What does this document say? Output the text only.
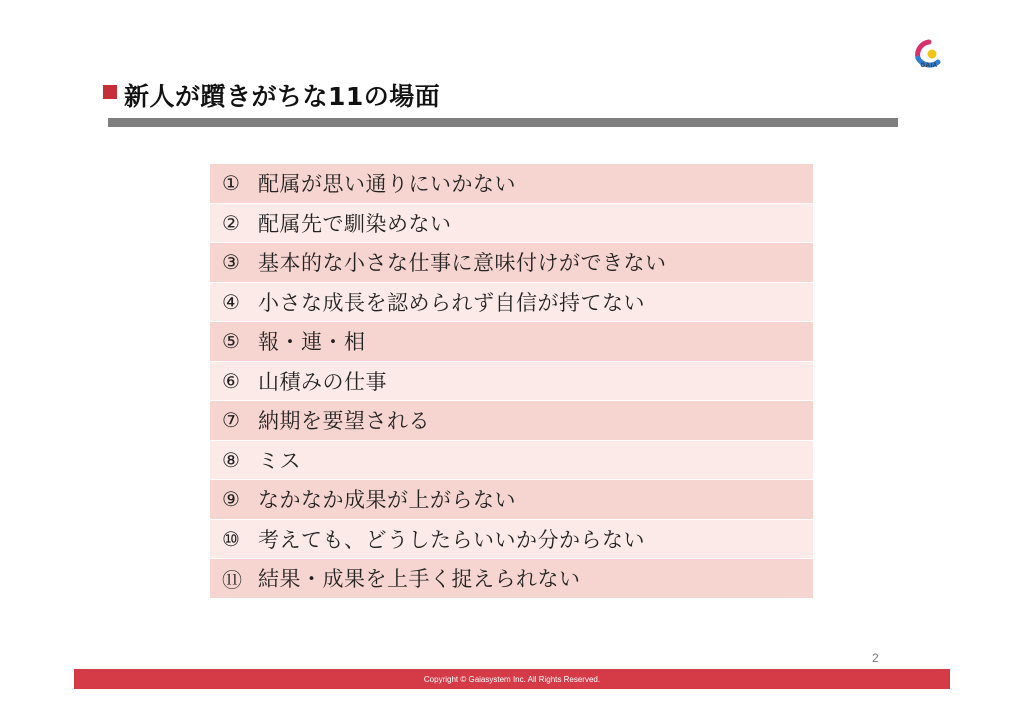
GAIA
新人が躓きがちな11の場面
① 配属が思い通りにいかない
② 配属先で馴染めない
③ 基本的な小さな仕事に意味付けができない
④ 小さな成長を認められず自信が持てない
⑤ 報・連・相
⑥ 山積みの仕事
⑦ 納期を要望される
⑧ ミス
⑨ なかなか成果が上がらない
⑩ 考えても、どうしたらいいか分からない
⑪ 結果・成果を上手く捉えられない
2
Copyright © Gaiasystem Inc. All Rights Reserved.
